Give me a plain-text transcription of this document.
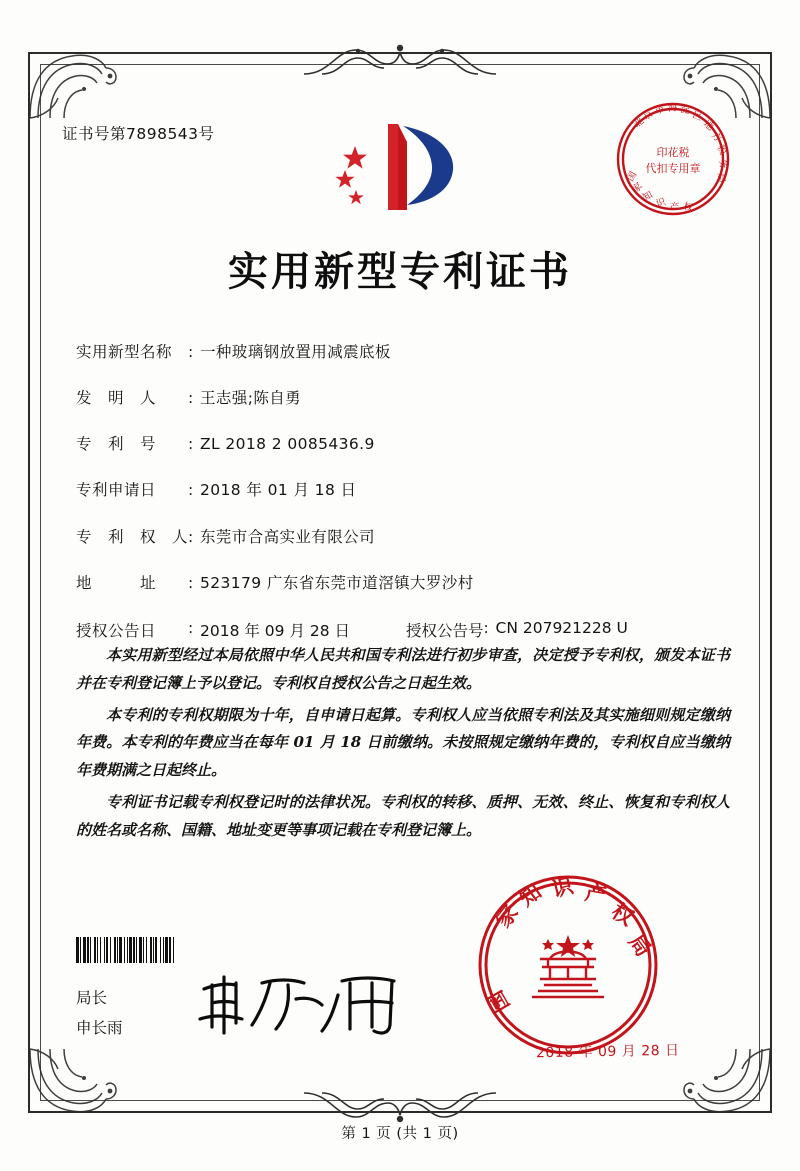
证书号第7898543号
北
京
市 海 淀 区
地
方
税
务
局
国
家
知 识 产 权
印花税
代扣专用章
实用新型专利证书
实用新型名称	: 一种玻璃钢放置用减震底板
发　明　人	: 王志强;陈自勇
专　利　号	: ZL 2018 2 0085436.9
专利申请日	: 2018 年 01 月 18 日
专　利　权　人 : 东莞市合高实业有限公司
地　　　址	: 523179 广东省东莞市道滘镇大罗沙村
授权公告日	: 2018 年 09 月 28 日	授权公告号 : CN 207921228 U

本实用新型经过本局依照中华人民共和国专利法进行初步审查，决定授予专利权，颁发本证书并在专利登记簿上予以登记。专利权自授权公告之日起生效。

本专利的专利权期限为十年，自申请日起算。专利权人应当依照专利法及其实施细则规定缴纳年费。本专利的年费应当在每年 01 月 18 日前缴纳。未按照规定缴纳年费的，专利权自应当缴纳年费期满之日起终止。

专利证书记载专利权登记时的法律状况。专利权的转移、质押、无效、终止、恢复和专利权人的姓名或名称、国籍、地址变更等事项记载在专利登记簿上。

局长
申长雨
家
知 识 产
权
局
国
2018 年 09 月 28 日
第 1 页 (共 1 页)
